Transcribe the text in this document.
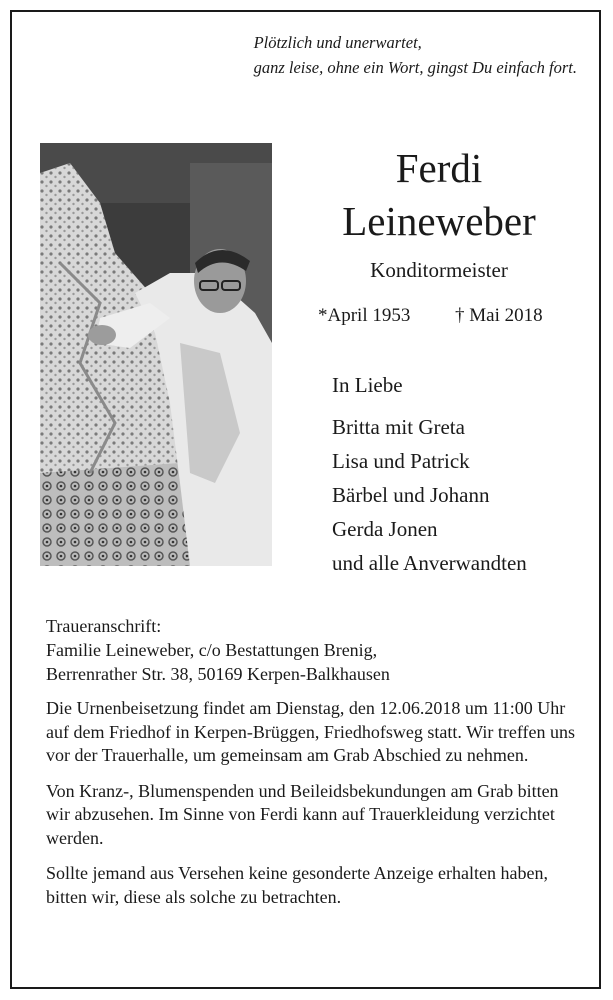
Plötzlich und unerwartet,
ganz leise, ohne ein Wort, gingst Du einfach fort.
Ferdi
Leineweber
Konditormeister
*April 1953 † Mai 2018
In Liebe
Britta mit Greta
Lisa und Patrick
Bärbel und Johann
Gerda Jonen
und alle Anverwandten
Traueranschrift:
Familie Leineweber, c/o Bestattungen Brenig,
Berrenrather Str. 38, 50169 Kerpen-Balkhausen

Die Urnenbeisetzung findet am Dienstag, den 12.06.2018 um 11:00 Uhr auf dem Friedhof in Kerpen-Brüggen, Friedhofsweg statt. Wir treffen uns vor der Trauerhalle, um gemeinsam am Grab Abschied zu nehmen.

Von Kranz-, Blumenspenden und Beileidsbekundungen am Grab bitten wir abzusehen. Im Sinne von Ferdi kann auf Trauerkleidung verzichtet werden.

Sollte jemand aus Versehen keine gesonderte Anzeige erhalten haben, bitten wir, diese als solche zu betrachten.
